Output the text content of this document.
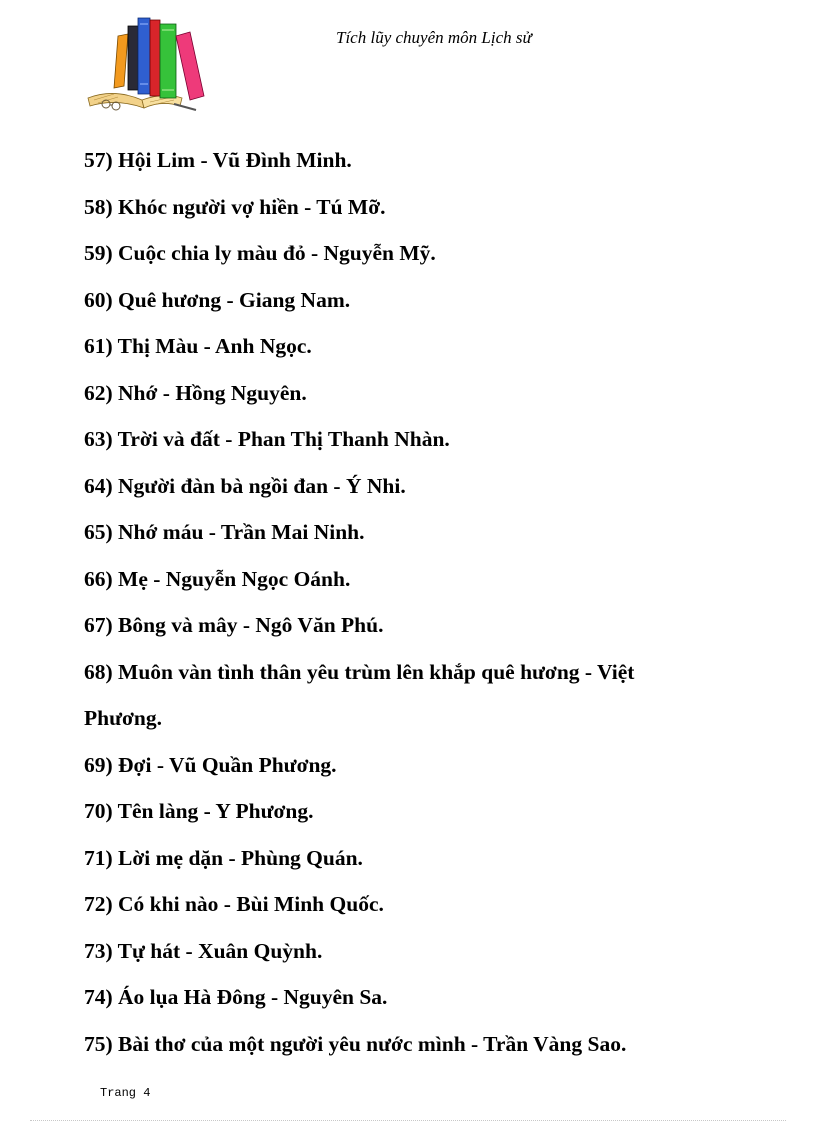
Tích lũy chuyên môn Lịch sử
57) Hội Lim - Vũ Đình Minh.
58) Khóc người vợ hiền - Tú Mỡ.
59) Cuộc chia ly màu đỏ - Nguyễn Mỹ.
60) Quê hương - Giang Nam.
61) Thị Màu - Anh Ngọc.
62) Nhớ - Hồng Nguyên.
63) Trời và đất - Phan Thị Thanh Nhàn.
64) Người đàn bà ngồi đan - Ý Nhi.
65) Nhớ máu - Trần Mai Ninh.
66) Mẹ - Nguyễn Ngọc Oánh.
67) Bông và mây - Ngô Văn Phú.
68) Muôn vàn tình thân yêu trùm lên khắp quê hương - Việt
Phương.
69) Đợi - Vũ Quần Phương.
70) Tên làng - Y Phương.
71) Lời mẹ dặn - Phùng Quán.
72) Có khi nào - Bùi Minh Quốc.
73) Tự hát - Xuân Quỳnh.
74) Áo lụa Hà Đông - Nguyên Sa.
75) Bài thơ của một người yêu nước mình - Trần Vàng Sao.
Trang 4
